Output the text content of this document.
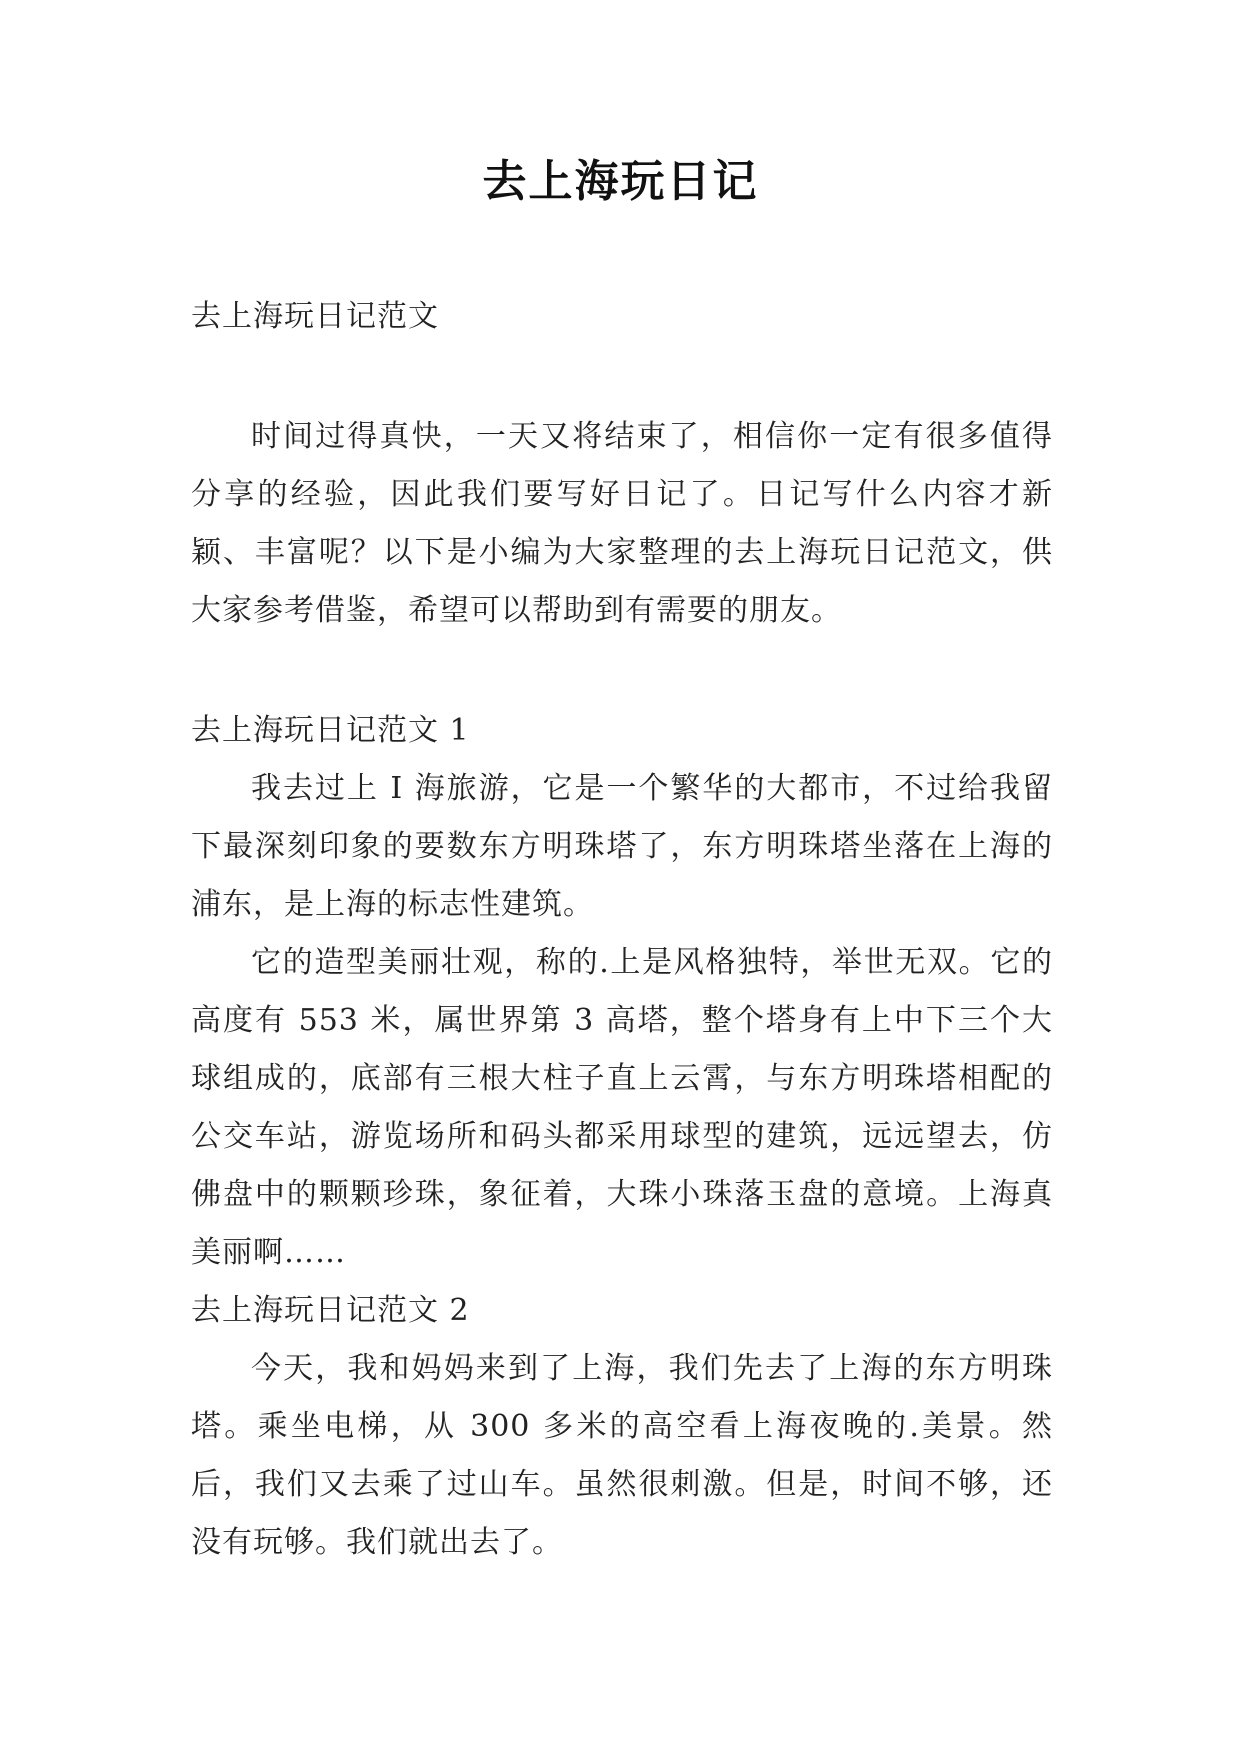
去上海玩日记

去上海玩日记范文

时间过得真快，一天又将结束了，相信你一定有很多值得分享的经验，因此我们要写好日记了。日记写什么内容才新颖、丰富呢？以下是小编为大家整理的去上海玩日记范文，供大家参考借鉴，希望可以帮助到有需要的朋友。

去上海玩日记范文 1

我去过上 I 海旅游，它是一个繁华的大都市，不过给我留下最深刻印象的要数东方明珠塔了，东方明珠塔坐落在上海的浦东，是上海的标志性建筑。

它的造型美丽壮观，称的.上是风格独特，举世无双。它的高度有 553 米，属世界第 3 高塔，整个塔身有上中下三个大球组成的，底部有三根大柱子直上云霄，与东方明珠塔相配的公交车站，游览场所和码头都采用球型的建筑，远远望去，仿佛盘中的颗颗珍珠，象征着，大珠小珠落玉盘的意境。上海真美丽啊……

去上海玩日记范文 2

今天，我和妈妈来到了上海，我们先去了上海的东方明珠塔。乘坐电梯，从 300 多米的高空看上海夜晚的.美景。然后，我们又去乘了过山车。虽然很刺激。但是，时间不够，还没有玩够。我们就出去了。
